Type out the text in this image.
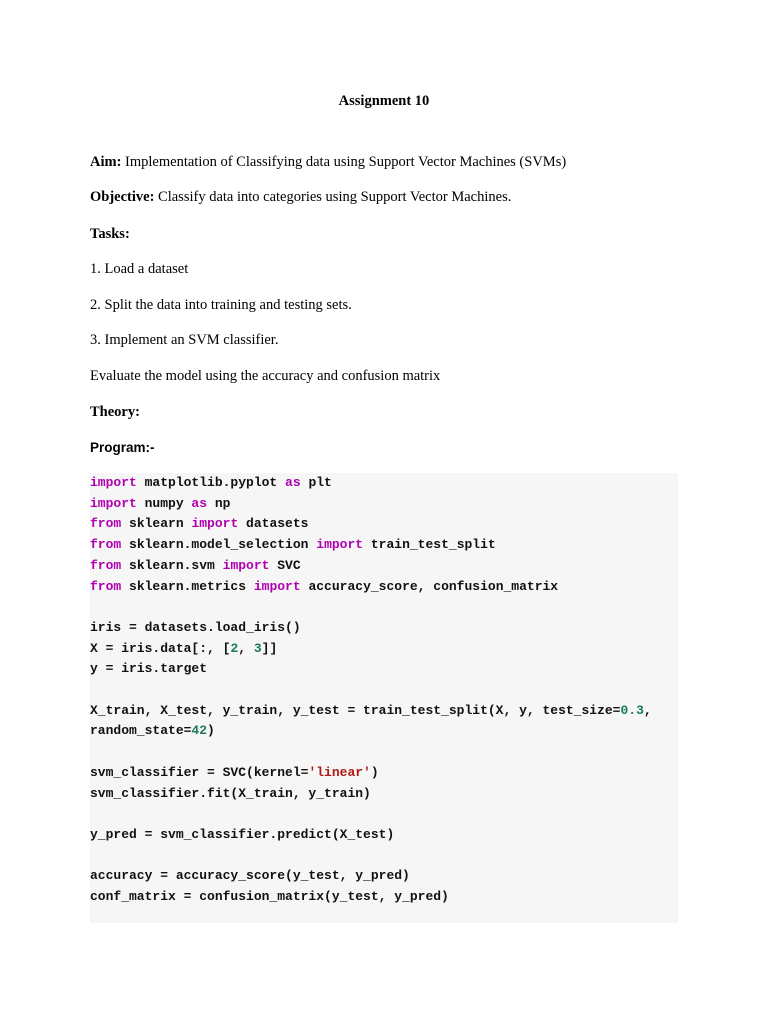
Assignment 10
Aim: Implementation of Classifying data using Support Vector Machines (SVMs)
Objective: Classify data into categories using Support Vector Machines.
Tasks:
1. Load a dataset
2. Split the data into training and testing sets.
3. Implement an SVM classifier.
Evaluate the model using the accuracy and confusion matrix
Theory:
Program:-
import matplotlib.pyplot as plt
import numpy as np
from sklearn import datasets
from sklearn.model_selection import train_test_split
from sklearn.svm import SVC
from sklearn.metrics import accuracy_score, confusion_matrix

iris = datasets.load_iris()
X = iris.data[:, [2, 3]]
y = iris.target

X_train, X_test, y_train, y_test = train_test_split(X, y, test_size=0.3,
random_state=42)

svm_classifier = SVC(kernel='linear')
svm_classifier.fit(X_train, y_train)

y_pred = svm_classifier.predict(X_test)

accuracy = accuracy_score(y_test, y_pred)
conf_matrix = confusion_matrix(y_test, y_pred)
